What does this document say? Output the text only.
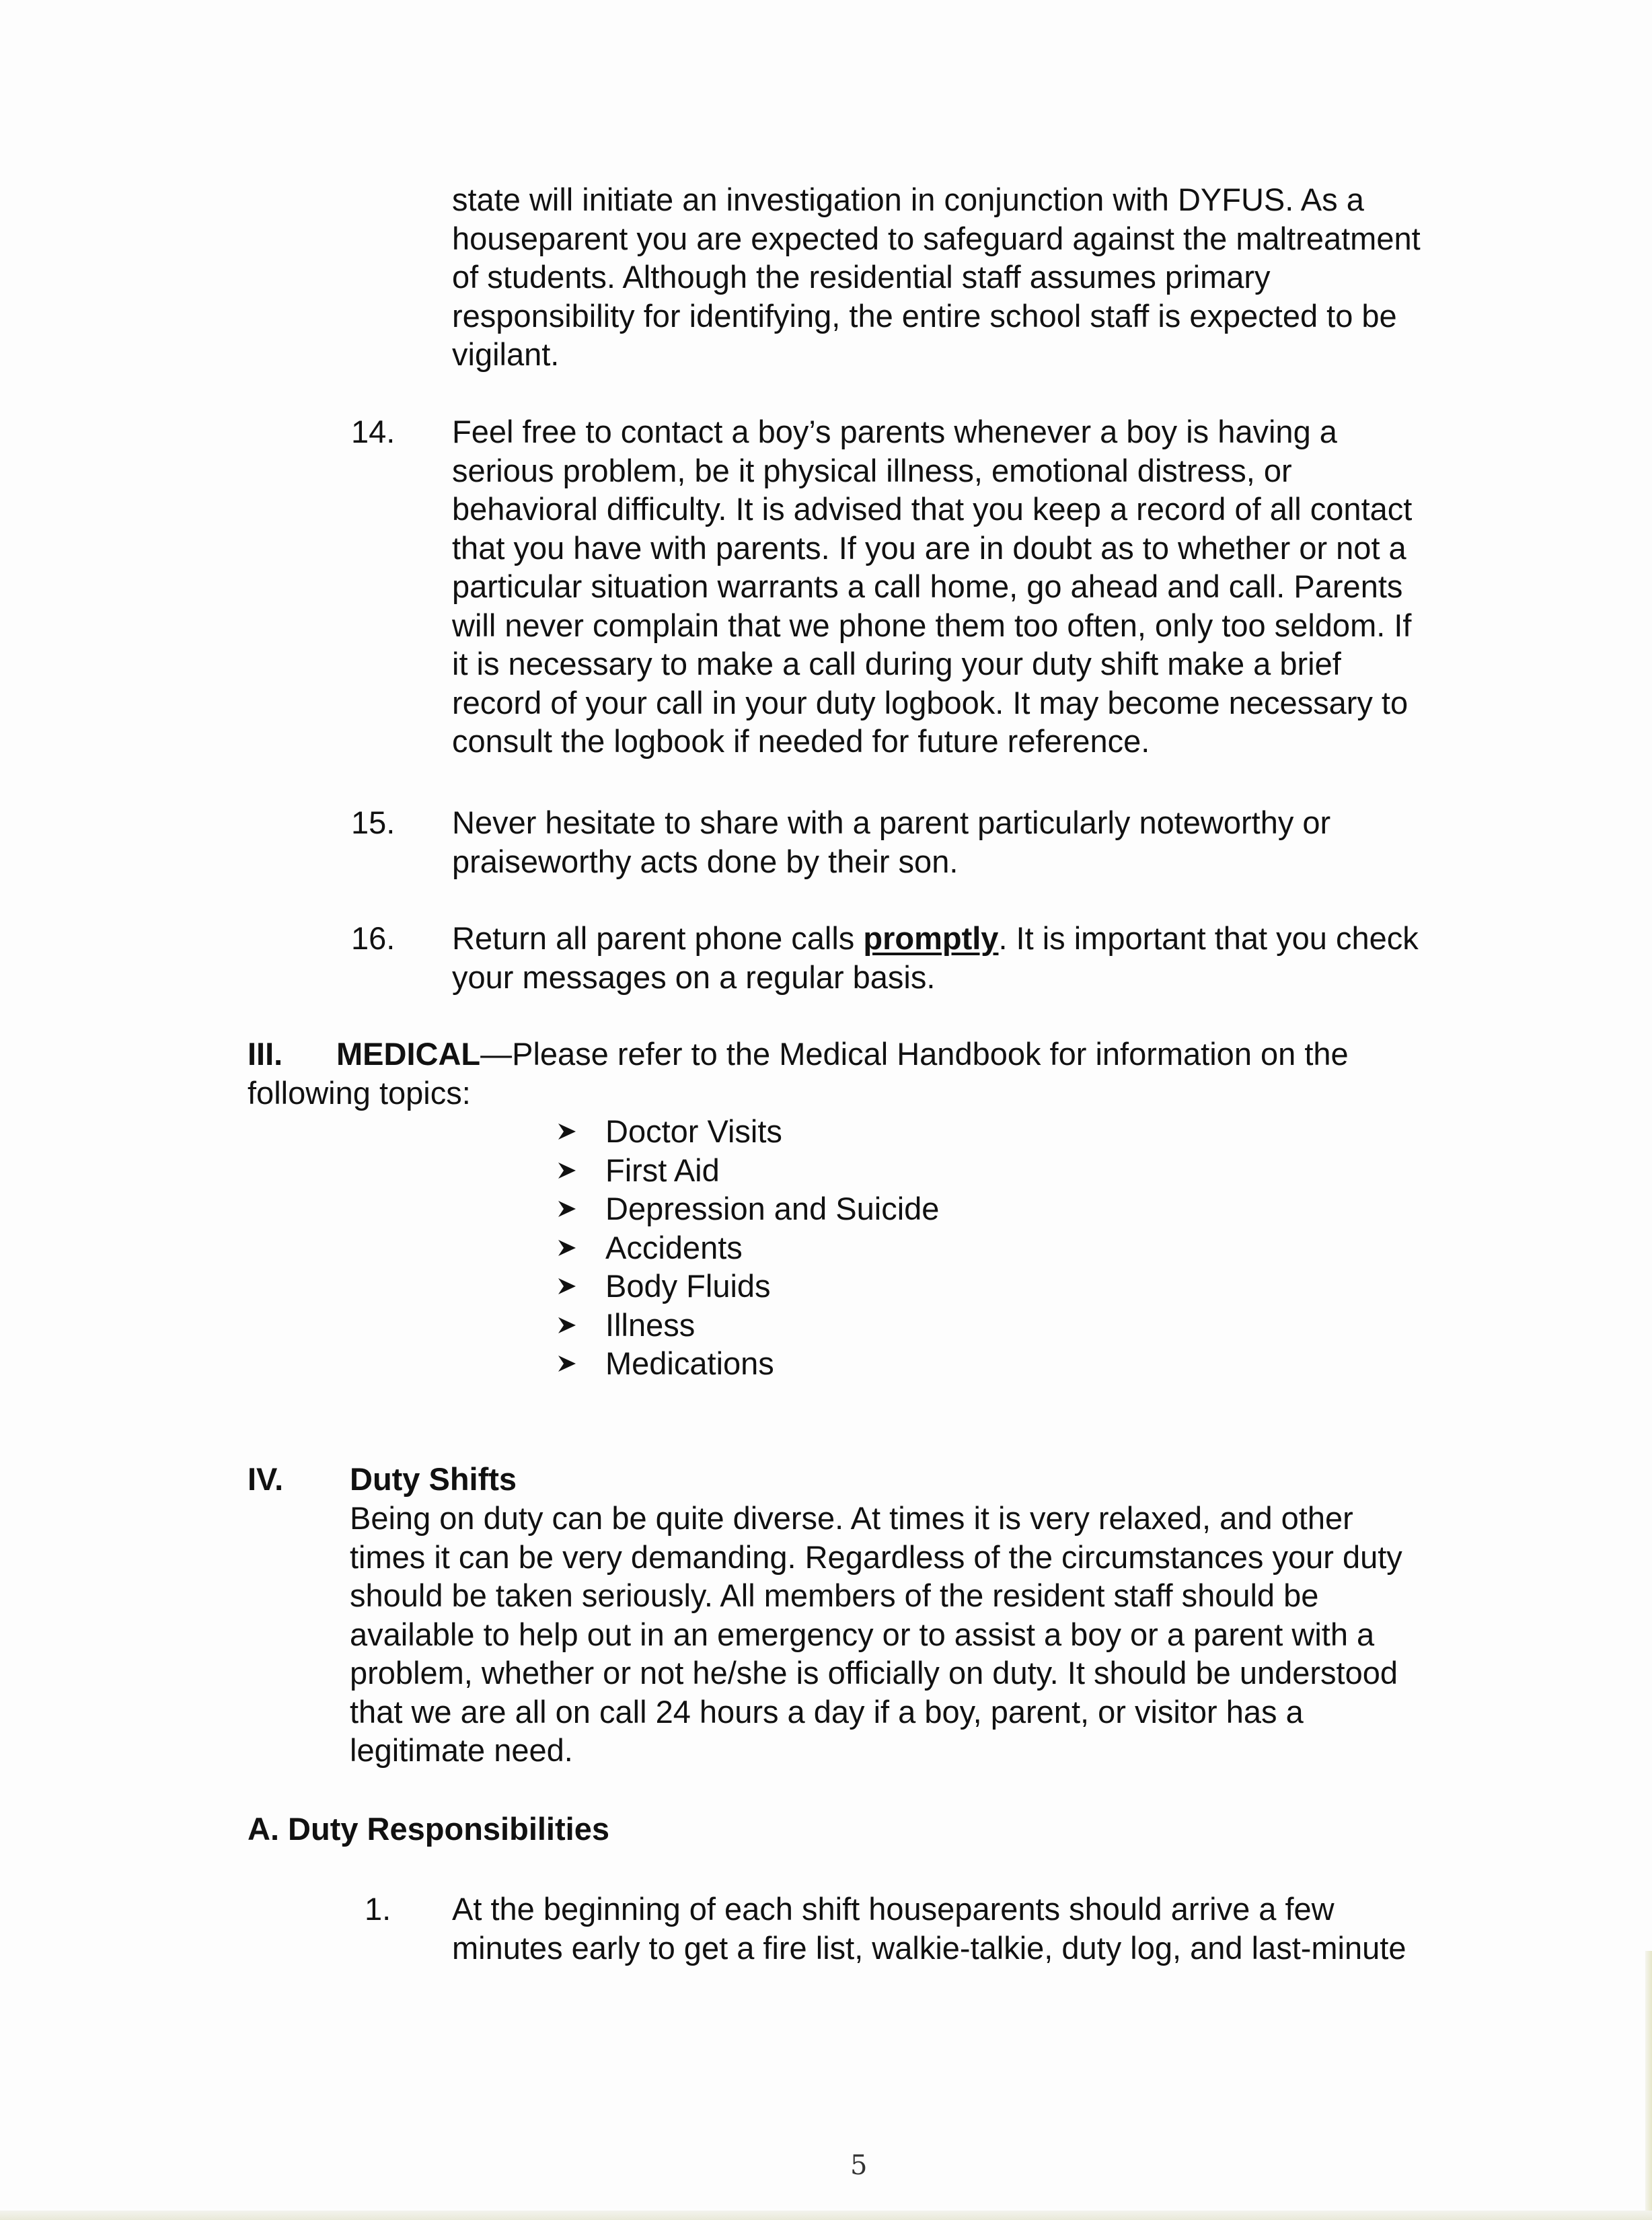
state will initiate an investigation in conjunction with DYFUS. As a
houseparent you are expected to safeguard against the maltreatment
of students. Although the residential staff assumes primary
responsibility for identifying, the entire school staff is expected to be
vigilant.
14. Feel free to contact a boy’s parents whenever a boy is having a
serious problem, be it physical illness, emotional distress, or
behavioral difficulty. It is advised that you keep a record of all contact
that you have with parents. If you are in doubt as to whether or not a
particular situation warrants a call home, go ahead and call. Parents
will never complain that we phone them too often, only too seldom. If
it is necessary to make a call during your duty shift make a brief
record of your call in your duty logbook. It may become necessary to
consult the logbook if needed for future reference.
15. Never hesitate to share with a parent particularly noteworthy or
praiseworthy acts done by their son.
16. Return all parent phone calls promptly. It is important that you check
your messages on a regular basis.
III. MEDICAL—Please refer to the Medical Handbook for information on the
following topics:
Doctor Visits
First Aid
Depression and Suicide
Accidents
Body Fluids
Illness
Medications
IV. Duty Shifts
Being on duty can be quite diverse. At times it is very relaxed, and other
times it can be very demanding. Regardless of the circumstances your duty
should be taken seriously. All members of the resident staff should be
available to help out in an emergency or to assist a boy or a parent with a
problem, whether or not he/she is officially on duty. It should be understood
that we are all on call 24 hours a day if a boy, parent, or visitor has a
legitimate need.
A. Duty Responsibilities
1. At the beginning of each shift houseparents should arrive a few
minutes early to get a fire list, walkie-talkie, duty log, and last-minute
5
